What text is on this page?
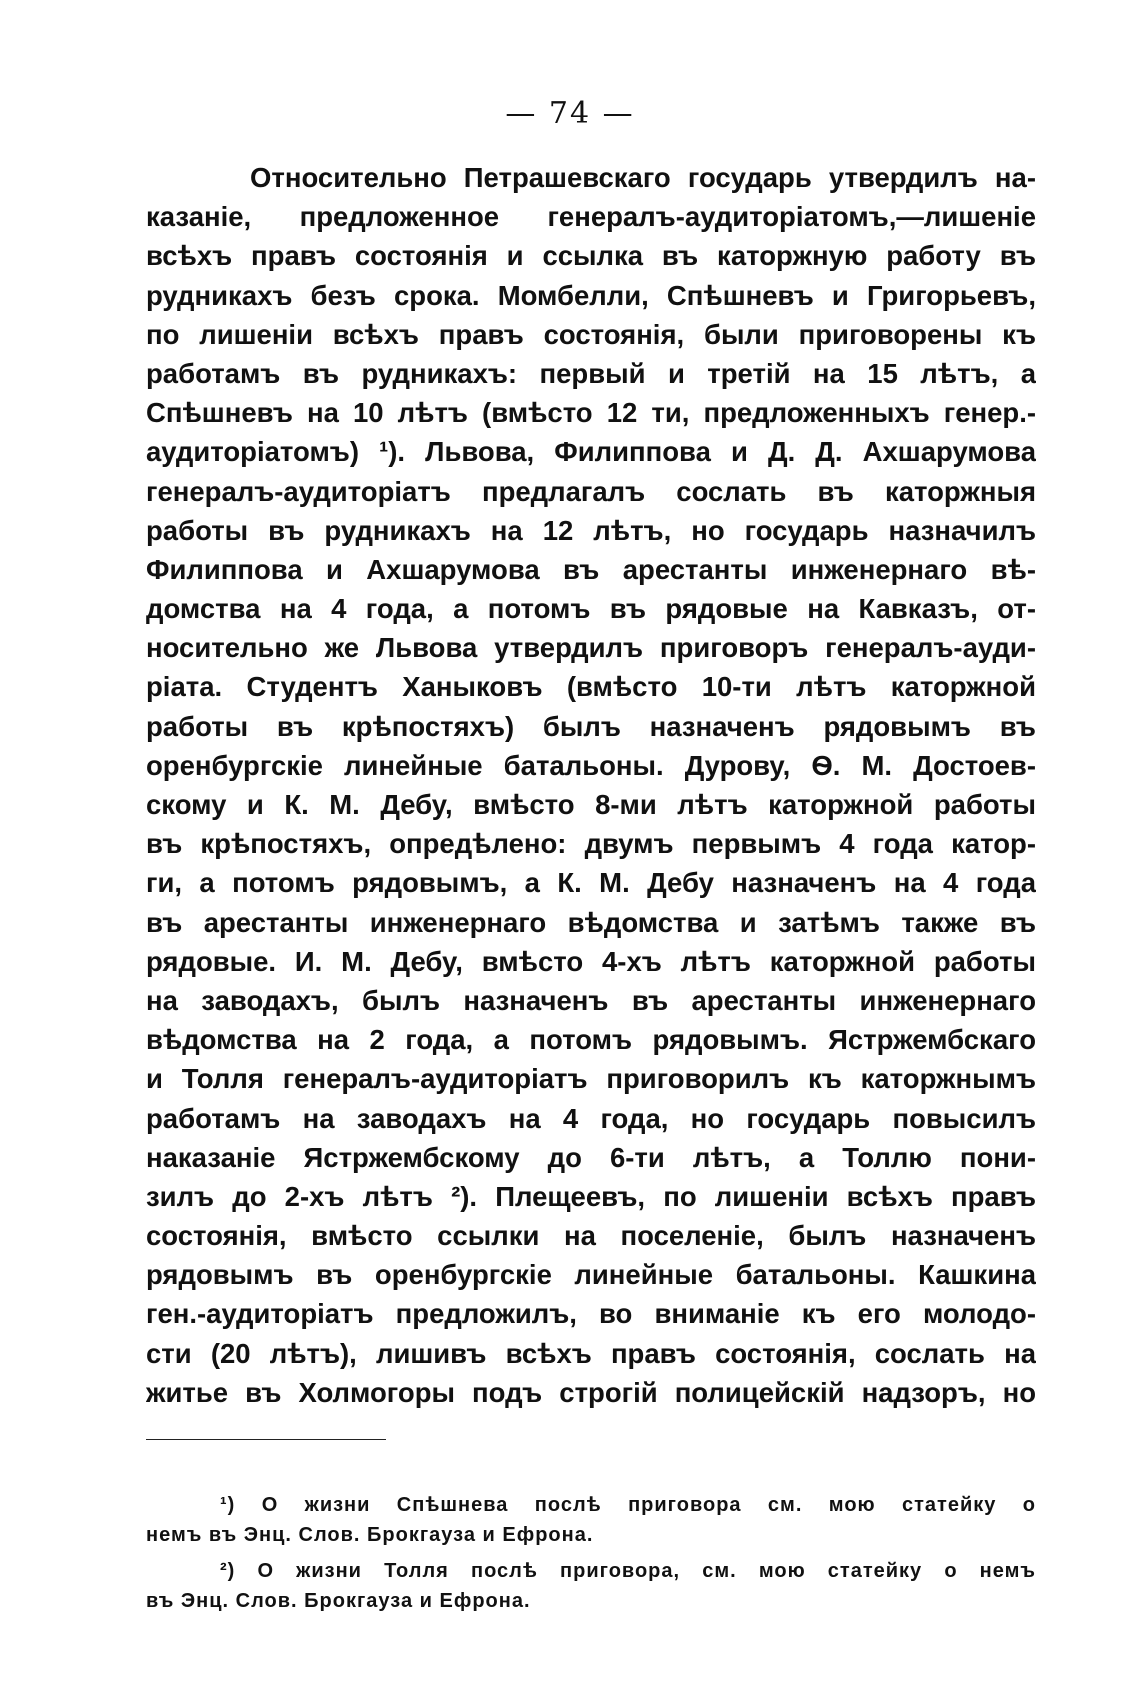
— 74 —
Относительно Петрашевскаго государь утвердилъ на-
казанie, предложенное генералъ-аудиторiатомъ,—лишенiе
всѣхъ правъ состоянiя и ссылка въ каторжную работу въ
рудникахъ безъ срока. Момбелли, Спѣшневъ и Григорьевъ,
по лишенiи всѣхъ правъ состоянiя, были приговорены къ
работамъ въ рудникахъ: первый и третiй на 15 лѣтъ, а
Спѣшневъ на 10 лѣтъ (вмѣсто 12 ти, предложенныхъ генер.-
аудиторiатомъ) ¹). Львова, Филиппова и Д. Д. Ахшарумова
генералъ-аудиторiатъ предлагалъ сослать въ каторжныя
работы въ рудникахъ на 12 лѣтъ, но государь назначилъ
Филиппова и Ахшарумова въ арестанты инженернаго вѣ-
домства на 4 года, а потомъ въ рядовые на Кавказъ, от-
носительно же Львова утвердилъ приговоръ генералъ-ауди-
рiата. Студентъ Ханыковъ (вмѣсто 10-ти лѣтъ каторжной
работы въ крѣпостяхъ) былъ назначенъ рядовымъ въ
оренбургскiе линейные батальоны. Дурову, Ѳ. М. Достоев-
скому и К. М. Дебу, вмѣсто 8-ми лѣтъ каторжной работы
въ крѣпостяхъ, опредѣлено: двумъ первымъ 4 года катор-
ги, а потомъ рядовымъ, а К. М. Дебу назначенъ на 4 года
въ арестанты инженернаго вѣдомства и затѣмъ также въ
рядовые. И. М. Дебу, вмѣсто 4-хъ лѣтъ каторжной работы
на заводахъ, былъ назначенъ въ арестанты инженернаго
вѣдомства на 2 года, а потомъ рядовымъ. Ястржембскаго
и Толля генералъ-аудиторiатъ приговорилъ къ каторжнымъ
работамъ на заводахъ на 4 года, но государь повысилъ
наказанiе Ястржембскому до 6-ти лѣтъ, а Толлю пони-
зилъ до 2-хъ лѣтъ ²). Плещеевъ, по лишенiи всѣхъ правъ
состоянiя, вмѣсто ссылки на поселенiе, былъ назначенъ
рядовымъ въ оренбургскiе линейные батальоны. Кашкина
ген.-аудиторiатъ предложилъ, во вниманiе къ его молодо-
сти (20 лѣтъ), лишивъ всѣхъ правъ состоянiя, сослать на
житье въ Холмогоры подъ строгiй полицейскiй надзоръ, но
¹) О жизни Спѣшнева послѣ приговора см. мою статейку о
немъ въ Энц. Слов. Брокгауза и Ефрона.
²) О жизни Толля послѣ приговора, см. мою статейку о немъ
въ Энц. Слов. Брокгауза и Ефрона.
